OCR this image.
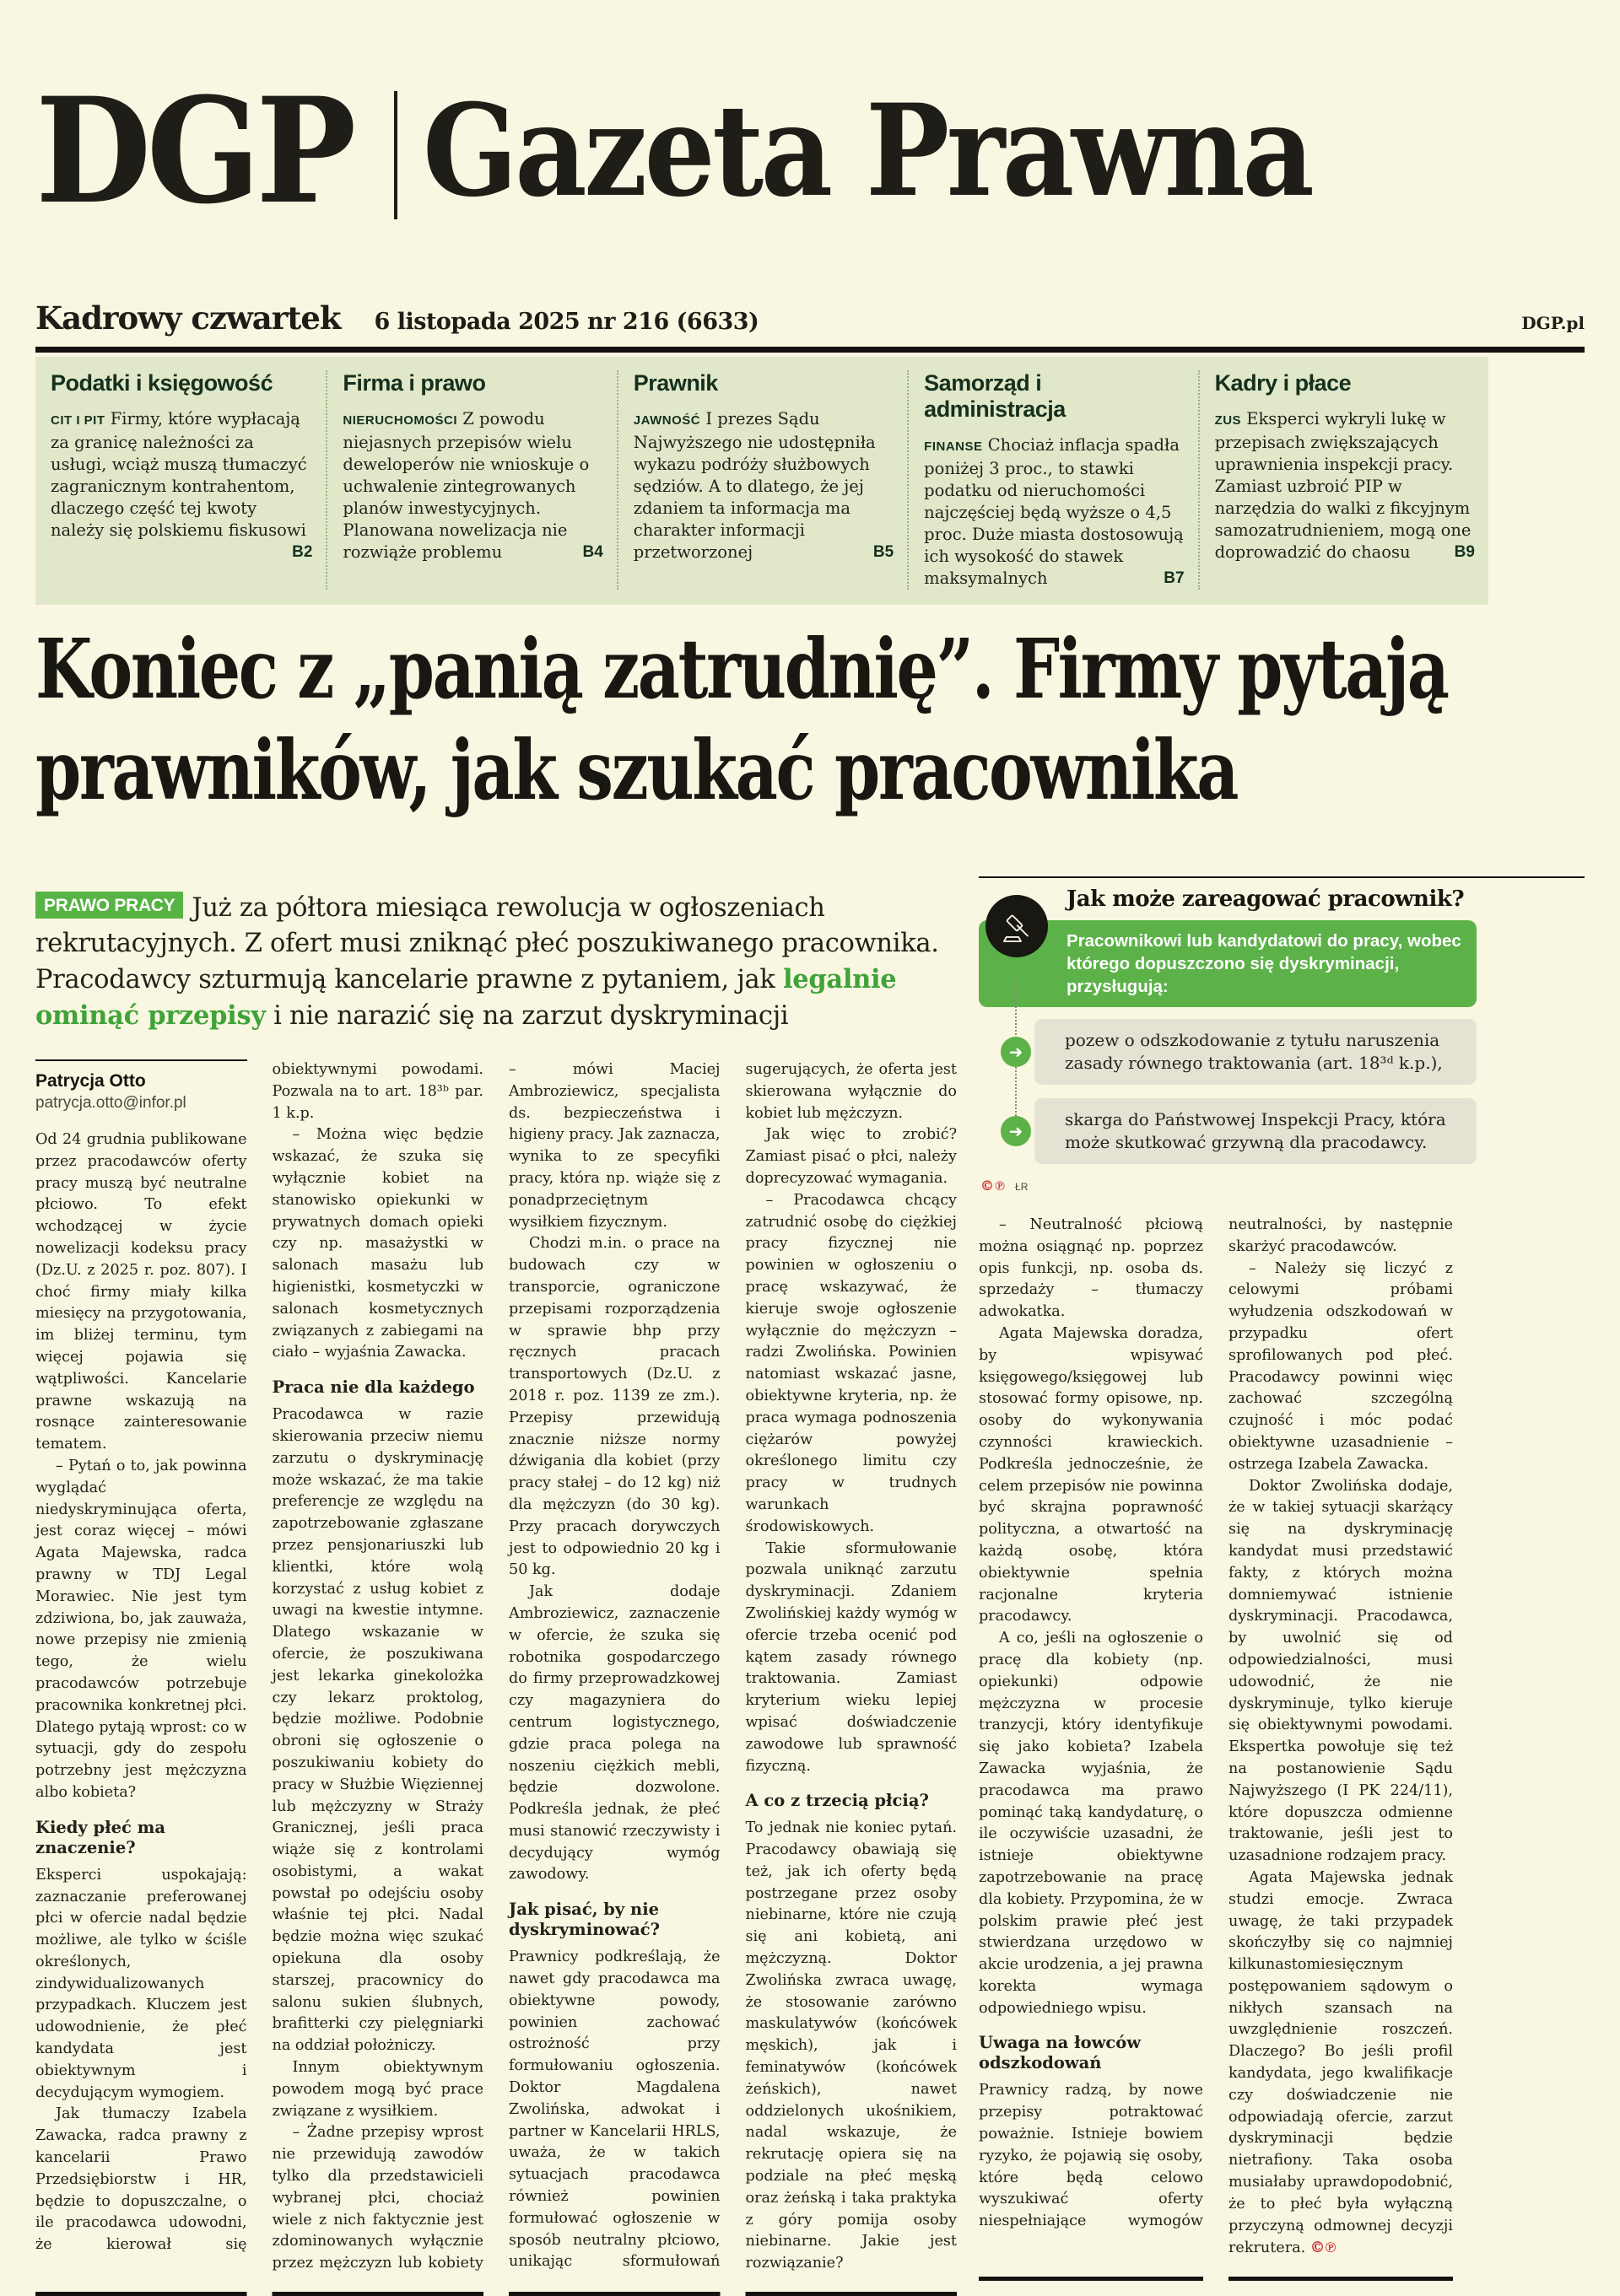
DGP Gazeta Prawna
Kadrowy czwartek 6 listopada 2025 nr 216 (6633)	DGP.pl
Podatki i księgowość

CIT I PIT Firmy, które wypłacają za granicę należności za usługi, wciąż muszą tłumaczyć zagranicznym kontrahentom, dlaczego część tej kwoty należy się polskiemu fiskusowi
B2

Firma i prawo

NIERUCHOMOŚCI Z powodu niejasnych przepisów wielu deweloperów nie wnioskuje o uchwalenie zintegrowanych planów inwestycyjnych. Planowana nowelizacja nie rozwiąże problemu	B4

Prawnik

JAWNOŚĆ I prezes Sądu Najwyższego nie udostępniła wykazu podróży służbowych sędziów. A to dlatego, że jej zdaniem ta informacja ma charakter informacji przetworzonej	B5

Samorząd i administracja

FINANSE Chociaż inflacja spadła poniżej 3 proc., to stawki podatku od nieruchomości najczęściej będą wyższe o 4,5 proc. Duże miasta dostosowują ich wysokość do stawek maksymalnych	B7

Kadry i płace

ZUS Eksperci wykryli lukę w przepisach zwiększających uprawnienia inspekcji pracy. Zamiast uzbroić PIP w narzędzia do walki z fikcyjnym samozatrudnieniem, mogą one doprowadzić do chaosu	B9

Koniec z „panią zatrudnię”. Firmy pytają
prawników, jak szukać pracownika

PRAWO PRACY Już za półtora miesiąca rewolucja w ogłoszeniach rekrutacyjnych. Z ofert musi zniknąć płeć poszukiwanego pracownika. Pracodawcy szturmują kancelarie prawne z pytaniem, jak legalnie ominąć przepisy i nie narazić się na zarzut dyskryminacji

Patrycja Otto
patrycja.otto@infor.pl

Od 24 grudnia publikowane przez pracodawców oferty pracy muszą być neutralne płciowo. To efekt wchodzącej w życie nowelizacji kodeksu pracy (Dz.U. z 2025 r. poz. 807). I choć firmy miały kilka miesięcy na przygotowania, im bliżej terminu, tym więcej pojawia się wątpliwości. Kancelarie prawne wskazują na rosnące zainteresowanie tematem.

– Pytań o to, jak powinna wyglądać niedyskryminująca oferta, jest coraz więcej – mówi Agata Majewska, radca prawny w TDJ Legal Morawiec. Nie jest tym zdziwiona, bo, jak zauważa, nowe przepisy nie zmienią tego, że wielu pracodawców potrzebuje pracownika konkretnej płci. Dlatego pytają wprost: co w sytuacji, gdy do zespołu potrzebny jest mężczyzna albo kobieta?

Kiedy płeć ma znaczenie?

Eksperci uspokajają: zaznaczanie preferowanej płci w ofercie nadal będzie możliwe, ale tylko w ściśle określonych, zindywidualizowanych przypadkach. Kluczem jest udowodnienie, że płeć kandydata jest obiektywnym i decydującym wymogiem.

Jak tłumaczy Izabela Zawacka, radca prawny z kancelarii Prawo Przedsiębiorstw i HR, będzie to dopuszczalne, o ile pracodawca udowodni, że kierował się obiektywnymi powodami. Pozwala na to art. 18³ᵇ par. 1 k.p.

– Można więc będzie wskazać, że szuka się wyłącznie kobiet na stanowisko opiekunki w prywatnych domach opieki czy np. masażystki w salonach masażu lub higienistki, kosmetyczki w salonach kosmetycznych związanych z zabiegami na ciało – wyjaśnia Zawacka.

Praca nie dla każdego

Pracodawca w razie skierowania przeciw niemu zarzutu o dyskryminację może wskazać, że ma takie preferencje ze względu na zapotrzebowanie zgłaszane przez pensjonariuszki lub klientki, które wolą korzystać z usług kobiet z uwagi na kwestie intymne. Dlatego wskazanie w ofercie, że poszukiwana jest lekarka ginekolożka czy lekarz proktolog, będzie możliwe. Podobnie obroni się ogłoszenie o poszukiwaniu kobiety do pracy w Służbie Więziennej lub mężczyzny w Straży Granicznej, jeśli praca wiąże się z kontrolami osobistymi, a wakat powstał po odejściu osoby właśnie tej płci. Nadal będzie można więc szukać opiekuna dla osoby starszej, pracownicy do salonu sukien ślubnych, brafitterki czy pielęgniarki na oddział położniczy.

Innym obiektywnym powodem mogą być prace związane z wysiłkiem.

– Żadne przepisy wprost nie przewidują zawodów tylko dla przedstawicieli wybranej płci, chociaż wiele z nich faktycznie jest zdominowanych wyłącznie przez mężczyzn lub kobiety – mówi Maciej Ambroziewicz, specjalista ds. bezpieczeństwa i higieny pracy. Jak zaznacza, wynika to ze specyfiki pracy, która np. wiąże się z ponadprzeciętnym wysiłkiem fizycznym.

Chodzi m.in. o prace na budowach czy w transporcie, ograniczone przepisami rozporządzenia w sprawie bhp przy ręcznych pracach transportowych (Dz.U. z 2018 r. poz. 1139 ze zm.). Przepisy przewidują znacznie niższe normy dźwigania dla kobiet (przy pracy stałej – do 12 kg) niż dla mężczyzn (do 30 kg). Przy pracach dorywczych jest to odpowiednio 20 kg i 50 kg.

Jak dodaje Ambroziewicz, zaznaczenie w ofercie, że szuka się robotnika gospodarczego do firmy przeprowadzkowej czy magazyniera do centrum logistycznego, gdzie praca polega na noszeniu ciężkich mebli, będzie dozwolone. Podkreśla jednak, że płeć musi stanowić rzeczywisty i decydujący wymóg zawodowy.

Jak pisać, by nie dyskryminować?

Prawnicy podkreślają, że nawet gdy pracodawca ma obiektywne powody, powinien zachować ostrożność przy formułowaniu ogłoszenia. Doktor Magdalena Zwolińska, adwokat i partner w Kancelarii HRLS, uważa, że w takich sytuacjach pracodawca również powinien formułować ogłoszenie w sposób neutralny płciowo, unikając sformułowań sugerujących, że oferta jest skierowana wyłącznie do kobiet lub mężczyzn.

Jak więc to zrobić? Zamiast pisać o płci, należy doprecyzować wymagania.

– Pracodawca chcący zatrudnić osobę do ciężkiej pracy fizycznej nie powinien w ogłoszeniu o pracę wskazywać, że kieruje swoje ogłoszenie wyłącznie do mężczyzn – radzi Zwolińska. Powinien natomiast wskazać jasne, obiektywne kryteria, np. że praca wymaga podnoszenia ciężarów powyżej określonego limitu czy pracy w trudnych warunkach środowiskowych.

Takie sformułowanie pozwala uniknąć zarzutu dyskryminacji. Zdaniem Zwolińskiej każdy wymóg w ofercie trzeba ocenić pod kątem zasady równego traktowania. Zamiast kryterium wieku lepiej wpisać doświadczenie zawodowe lub sprawność fizyczną.

A co z trzecią płcią?

To jednak nie koniec pytań. Pracodawcy obawiają się też, jak ich oferty będą postrzegane przez osoby niebinarne, które nie czują się ani kobietą, ani mężczyzną. Doktor Zwolińska zwraca uwagę, że stosowanie zarówno maskulatywów (końcówek męskich), jak i feminatywów (końcówek żeńskich), nawet oddzielonych ukośnikiem, nadal wskazuje, że rekrutację opiera się na podziale na płeć męską oraz żeńską i taka praktyka z góry pomija osoby niebinarne. Jakie jest rozwiązanie?

Jak może zareagować pracownik?
Pracownikowi lub kandydatowi do pracy, wobec którego dopuszczono się dyskryminacji, przysługują:
➜
pozew o odszkodowanie z tytułu naruszenia zasady równego traktowania (art. 18³ᵈ k.p.),
➜
skarga do Państwowej Inspekcji Pracy, która może skutkować grzywną dla pracodawcy.
©℗ ŁR

– Neutralność płciową można osiągnąć np. poprzez opis funkcji, np. osoba ds. sprzedaży – tłumaczy adwokatka.

Agata Majewska doradza, by wpisywać księgowego/księgowej lub stosować formy opisowe, np. osoby do wykonywania czynności krawieckich. Podkreśla jednocześnie, że celem przepisów nie powinna być skrajna poprawność polityczna, a otwartość na każdą osobę, która obiektywnie spełnia racjonalne kryteria pracodawcy.

A co, jeśli na ogłoszenie o pracę dla kobiety (np. opiekunki) odpowie mężczyzna w procesie tranzycji, który identyfikuje się jako kobieta? Izabela Zawacka wyjaśnia, że pracodawca ma prawo pominąć taką kandydaturę, o ile oczywiście uzasadni, że istnieje obiektywne zapotrzebowanie na pracę dla kobiety. Przypomina, że w polskim prawie płeć jest stwierdzana urzędowo w akcie urodzenia, a jej prawna korekta wymaga odpowiedniego wpisu.

Uwaga na łowców odszkodowań

Prawnicy radzą, by nowe przepisy potraktować poważnie. Istnieje bowiem ryzyko, że pojawią się osoby, które będą celowo wyszukiwać oferty niespełniające wymogów neutralności, by następnie skarżyć pracodawców.

– Należy się liczyć z celowymi próbami wyłudzenia odszkodowań w przypadku ofert sprofilowanych pod płeć. Pracodawcy powinni więc zachować szczególną czujność i móc podać obiektywne uzasadnienie – ostrzega Izabela Zawacka.

Doktor Zwolińska dodaje, że w takiej sytuacji skarżący się na dyskryminację kandydat musi przedstawić fakty, z których można domniemywać istnienie dyskryminacji. Pracodawca, by uwolnić się od odpowiedzialności, musi udowodnić, że nie dyskryminuje, tylko kieruje się obiektywnymi powodami. Ekspertka powołuje się też na postanowienie Sądu Najwyższego (I PK 224/11), które dopuszcza odmienne traktowanie, jeśli jest to uzasadnione rodzajem pracy.

Agata Majewska jednak studzi emocje. Zwraca uwagę, że taki przypadek skończyłby się co najmniej kilkunastomiesięcznym postępowaniem sądowym o nikłych szansach na uwzględnienie roszczeń. Dlaczego? Bo jeśli profil kandydata, jego kwalifikacje czy doświadczenie nie odpowiadają ofercie, zarzut dyskryminacji będzie nietrafiony. Taka osoba musiałaby uprawdopodobnić, że to płeć była wyłączną przyczyną odmownej decyzji rekrutera. ©℗
